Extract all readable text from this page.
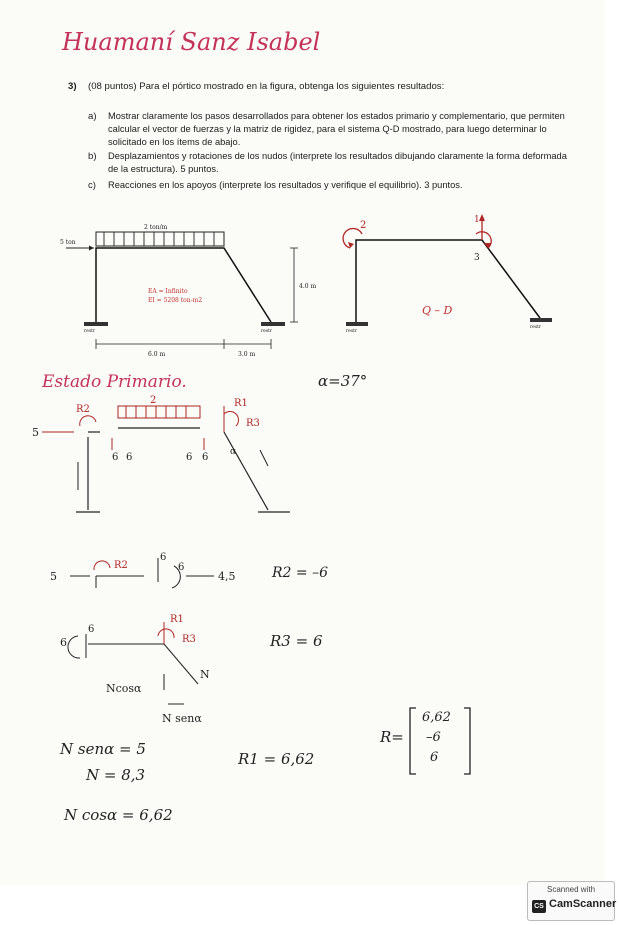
Huamaní Sanz Isabel
3) (08 puntos) Para el pórtico mostrado en la figura, obtenga los siguientes resultados:
a) Mostrar claramente los pasos desarrollados para obtener los estados primario y complementario, que permiten
calcular el vector de fuerzas y la matriz de rigidez, para el sistema Q-D mostrado, para luego determinar lo
solicitado en los ítems de abajo.
b) Desplazamientos y rotaciones de los nudos (interprete los resultados dibujando claramente la forma deformada
de la estructura). 5 puntos.
c) Reacciones en los apoyos (interprete los resultados y verifique el equilibrio). 3 puntos.
2 ton/m
5 ton
restr	restr
EA = Infinito
EI = 5208 ton-m2
4.0 m
6.0 m	3.0 m
restr
restr
2	1
3
Q – D
Estado Primario.	α=37°
2
R2
R1
R3
5
6 6	6 6 α
5
R2
6
6
4,5	R2 = –6
6
6
R1
R3
N
Ncosα
N senα
R3 = 6
N senα = 5
N = 8,3
N cosα = 6,62
R1 = 6,62
R=
6,62
–6
6
Scanned with
CS CamScanner
